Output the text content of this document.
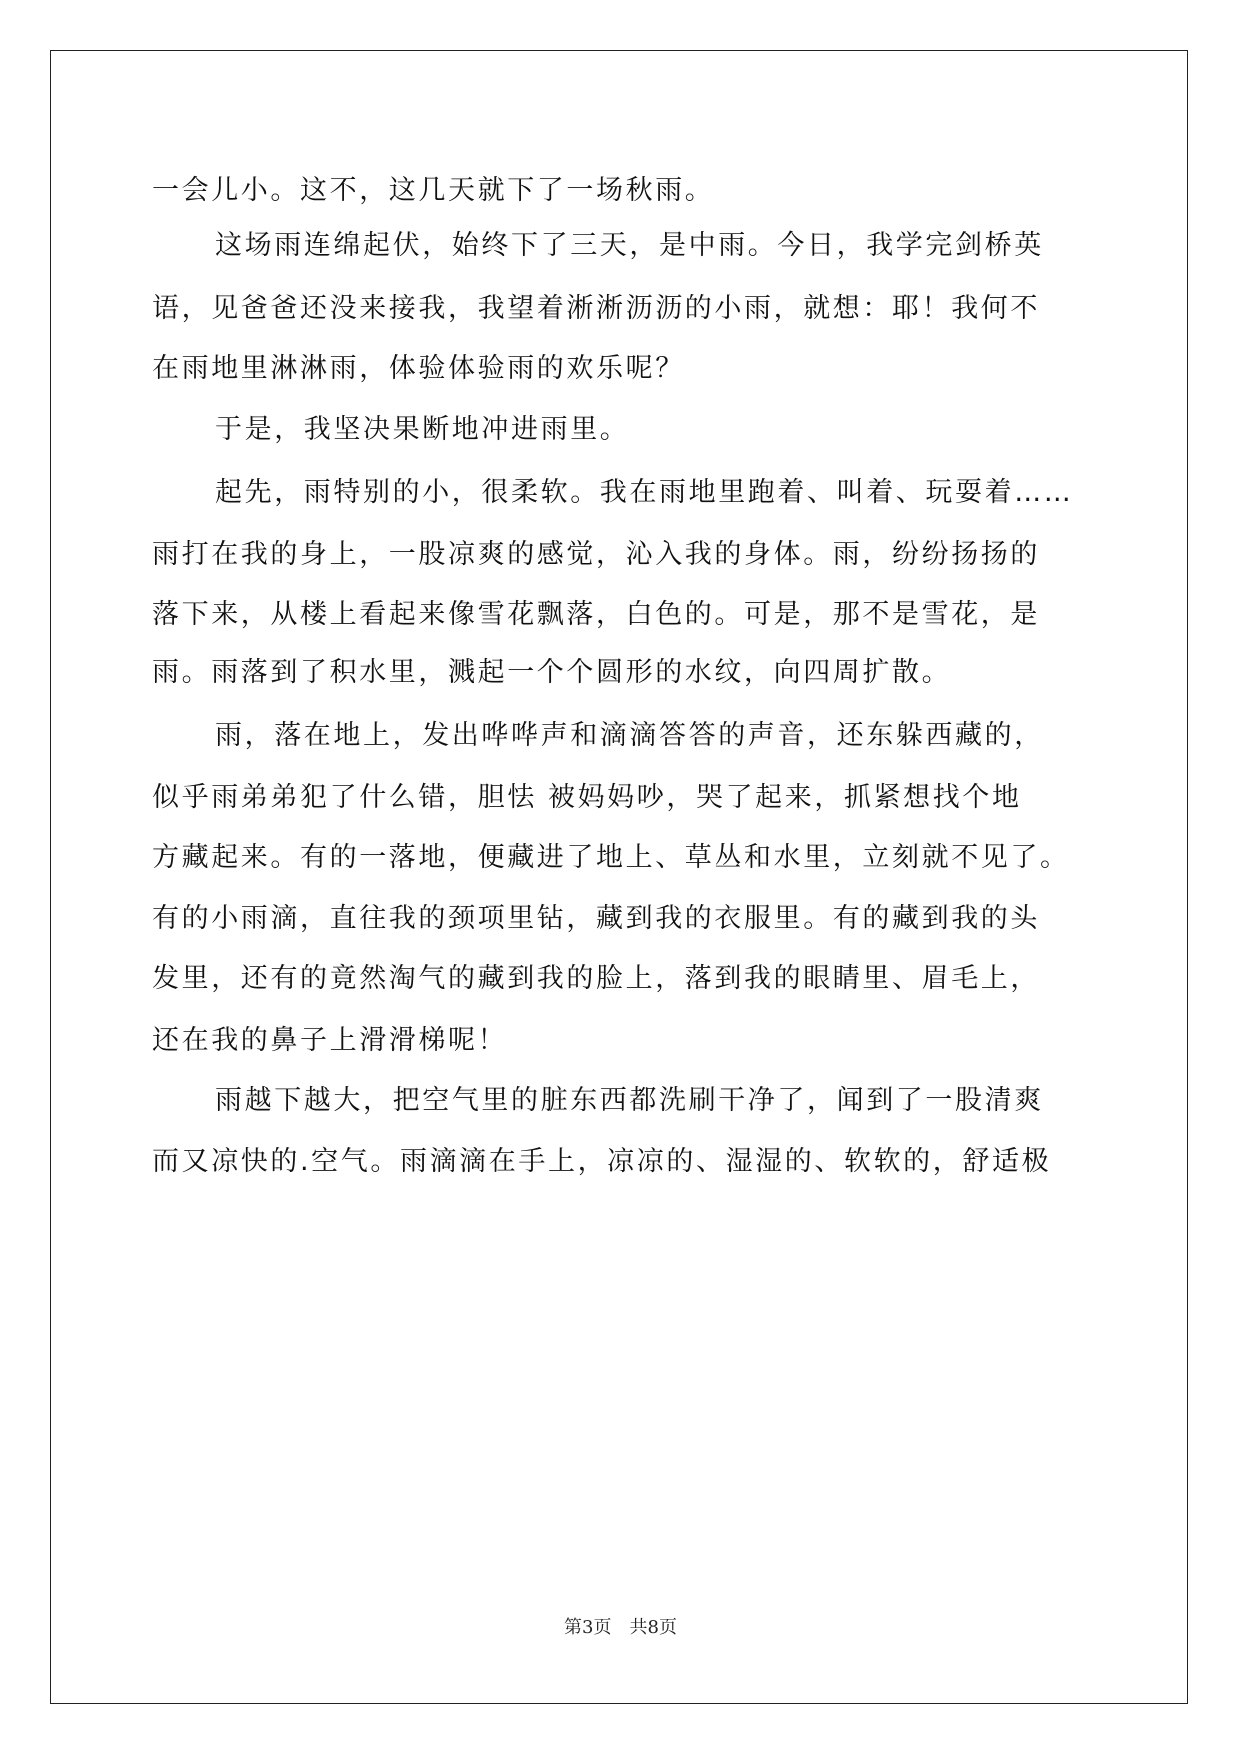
一会儿小。这不，这几天就下了一场秋雨。
这场雨连绵起伏，始终下了三天，是中雨。今日，我学完剑桥英
语，见爸爸还没来接我，我望着淅淅沥沥的小雨，就想：耶！我何不
在雨地里淋淋雨，体验体验雨的欢乐呢？
于是，我坚决果断地冲进雨里。
起先，雨特别的小，很柔软。我在雨地里跑着、叫着、玩耍着……
雨打在我的身上，一股凉爽的感觉，沁入我的身体。雨，纷纷扬扬的
落下来，从楼上看起来像雪花飘落，白色的。可是，那不是雪花，是
雨。雨落到了积水里，溅起一个个圆形的水纹，向四周扩散。
雨，落在地上，发出哗哗声和滴滴答答的声音，还东躲西藏的，
似乎雨弟弟犯了什么错，胆怯 被妈妈吵，哭了起来，抓紧想找个地
方藏起来。有的一落地，便藏进了地上、草丛和水里，立刻就不见了。
有的小雨滴，直往我的颈项里钻，藏到我的衣服里。有的藏到我的头
发里，还有的竟然淘气的藏到我的脸上，落到我的眼睛里、眉毛上，
还在我的鼻子上滑滑梯呢！
雨越下越大，把空气里的脏东西都洗刷干净了，闻到了一股清爽
而又凉快的.空气。雨滴滴在手上，凉凉的、湿湿的、软软的，舒适极
第3页 共8页
